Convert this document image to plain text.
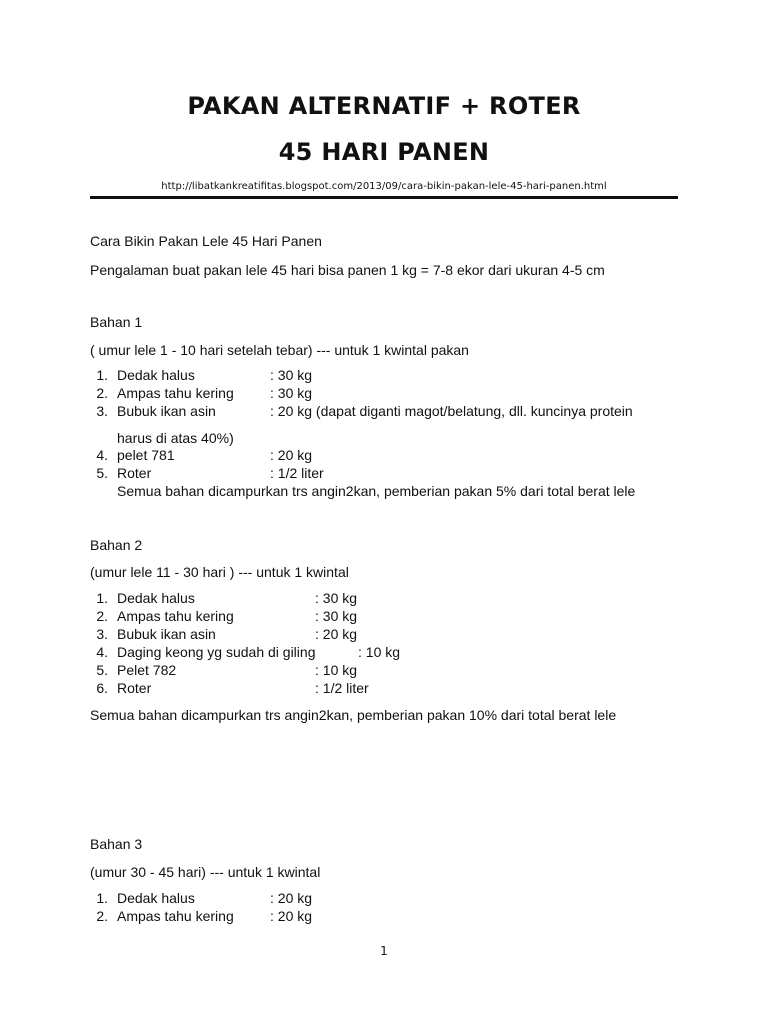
PAKAN ALTERNATIF + ROTER
45 HARI PANEN
http://libatkankreatifitas.blogspot.com/2013/09/cara-bikin-pakan-lele-45-hari-panen.html
Cara Bikin Pakan Lele 45 Hari Panen
Pengalaman buat pakan lele 45 hari bisa panen 1 kg = 7-8 ekor dari ukuran 4-5 cm
Bahan 1
( umur lele 1 - 10 hari setelah tebar) --- untuk 1 kwintal pakan
1. Dedak halus	: 30 kg
2. Ampas tahu kering	: 30 kg
3. Bubuk ikan asin	: 20 kg (dapat diganti magot/belatung, dll. kuncinya protein
harus di atas 40%)
4. pelet 781	: 20 kg
5. Roter	: 1/2 liter
Semua bahan dicampurkan trs angin2kan, pemberian pakan 5% dari total berat lele
Bahan 2
(umur lele 11 - 30 hari ) --- untuk 1 kwintal
1. Dedak halus	: 30 kg
2. Ampas tahu kering	: 30 kg
3. Bubuk ikan asin	: 20 kg
4. Daging keong yg sudah di giling	: 10 kg
5. Pelet 782	: 10 kg
6. Roter	: 1/2 liter
Semua bahan dicampurkan trs angin2kan, pemberian pakan 10% dari total berat lele
Bahan 3
(umur 30 - 45 hari) --- untuk 1 kwintal
1. Dedak halus	: 20 kg
2. Ampas tahu kering	: 20 kg
1
